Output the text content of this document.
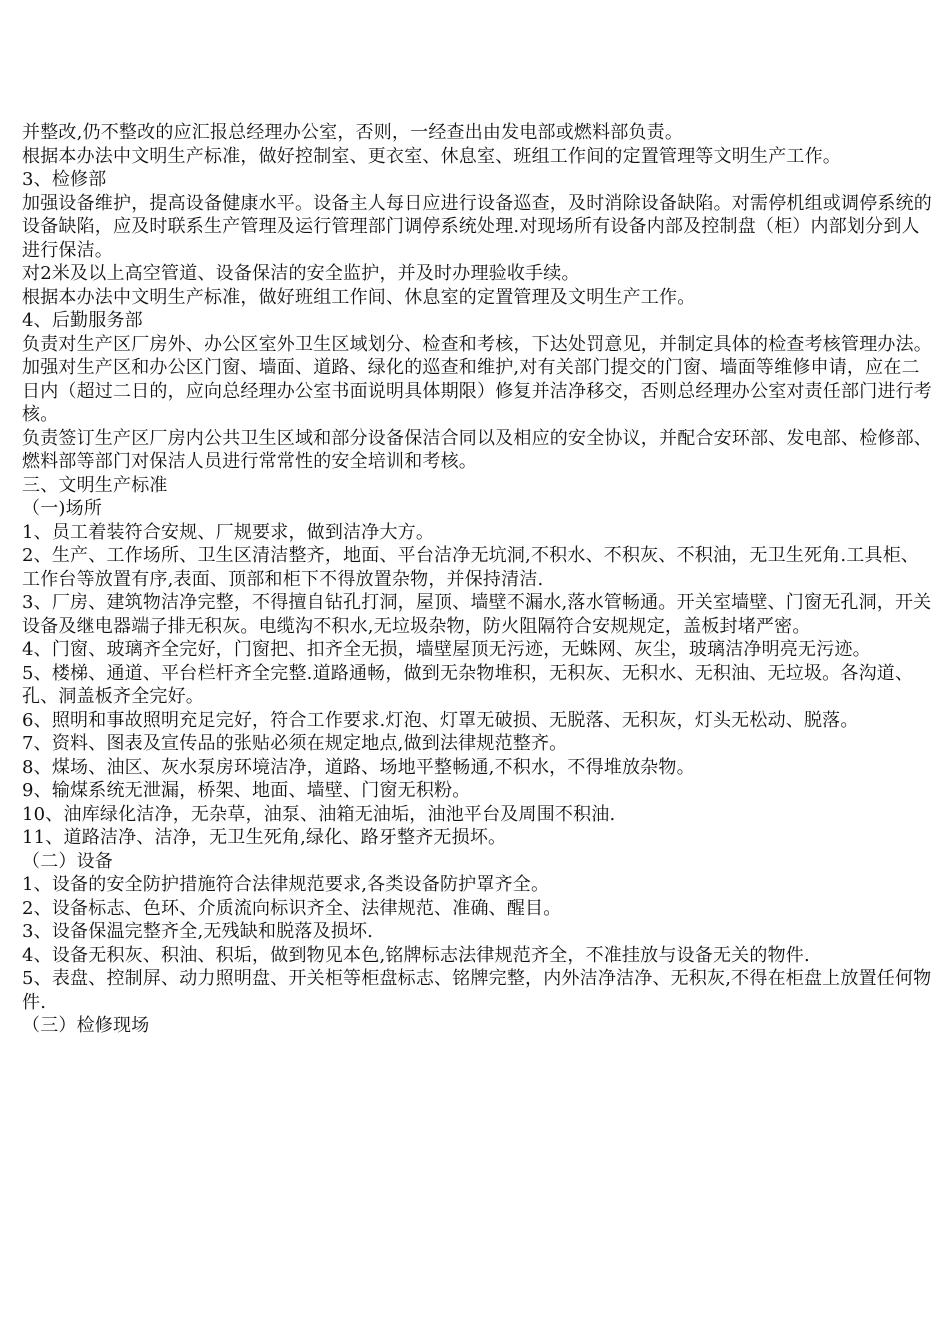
并整改,仍不整改的应汇报总经理办公室，否则，一经查出由发电部或燃料部负责。

根据本办法中文明生产标准，做好控制室、更衣室、休息室、班组工作间的定置管理等文明生产工作。

3、检修部

加强设备维护，提高设备健康水平。设备主人每日应进行设备巡查，及时消除设备缺陷。对需停机组或调停系统的设备缺陷，应及时联系生产管理及运行管理部门调停系统处理.对现场所有设备内部及控制盘（柜）内部划分到人进行保洁。

对2米及以上高空管道、设备保洁的安全监护，并及时办理验收手续。

根据本办法中文明生产标准，做好班组工作间、休息室的定置管理及文明生产工作。

4、后勤服务部

负责对生产区厂房外、办公区室外卫生区域划分、检查和考核，下达处罚意见，并制定具体的检查考核管理办法。加强对生产区和办公区门窗、墙面、道路、绿化的巡查和维护,对有关部门提交的门窗、墙面等维修申请，应在二日内（超过二日的，应向总经理办公室书面说明具体期限）修复并洁净移交，否则总经理办公室对责任部门进行考核。

负责签订生产区厂房内公共卫生区域和部分设备保洁合同以及相应的安全协议，并配合安环部、发电部、检修部、燃料部等部门对保洁人员进行常常性的安全培训和考核。

三、文明生产标准

（一)场所

1、员工着装符合安规、厂规要求，做到洁净大方。

2、生产、工作场所、卫生区清洁整齐，地面、平台洁净无坑洞,不积水、不积灰、不积油，无卫生死角.工具柜、工作台等放置有序,表面、顶部和柜下不得放置杂物，并保持清洁.

3、厂房、建筑物洁净完整，不得擅自钻孔打洞，屋顶、墙壁不漏水,落水管畅通。开关室墙壁、门窗无孔洞，开关设备及继电器端子排无积灰。电缆沟不积水,无垃圾杂物，防火阻隔符合安规规定，盖板封堵严密。

4、门窗、玻璃齐全完好，门窗把、扣齐全无损，墙壁屋顶无污迹，无蛛网、灰尘，玻璃洁净明亮无污迹。

5、楼梯、通道、平台栏杆齐全完整.道路通畅，做到无杂物堆积，无积灰、无积水、无积油、无垃圾。各沟道、孔、洞盖板齐全完好。

6、照明和事故照明充足完好，符合工作要求.灯泡、灯罩无破损、无脱落、无积灰，灯头无松动、脱落。

7、资料、图表及宣传品的张贴必须在规定地点,做到法律规范整齐。

8、煤场、油区、灰水泵房环境洁净，道路、场地平整畅通,不积水，不得堆放杂物。

9、输煤系统无泄漏，桥架、地面、墙壁、门窗无积粉。

10、油库绿化洁净，无杂草，油泵、油箱无油垢，油池平台及周围不积油.

11、道路洁净、洁净，无卫生死角,绿化、路牙整齐无损坏。

（二）设备

1、设备的安全防护措施符合法律规范要求,各类设备防护罩齐全。

2、设备标志、色环、介质流向标识齐全、法律规范、准确、醒目。

3、设备保温完整齐全,无残缺和脱落及损坏.

4、设备无积灰、积油、积垢，做到物见本色,铭牌标志法律规范齐全，不准挂放与设备无关的物件.

5、表盘、控制屏、动力照明盘、开关柜等柜盘标志、铭牌完整，内外洁净洁净、无积灰,不得在柜盘上放置任何物件.

（三）检修现场
